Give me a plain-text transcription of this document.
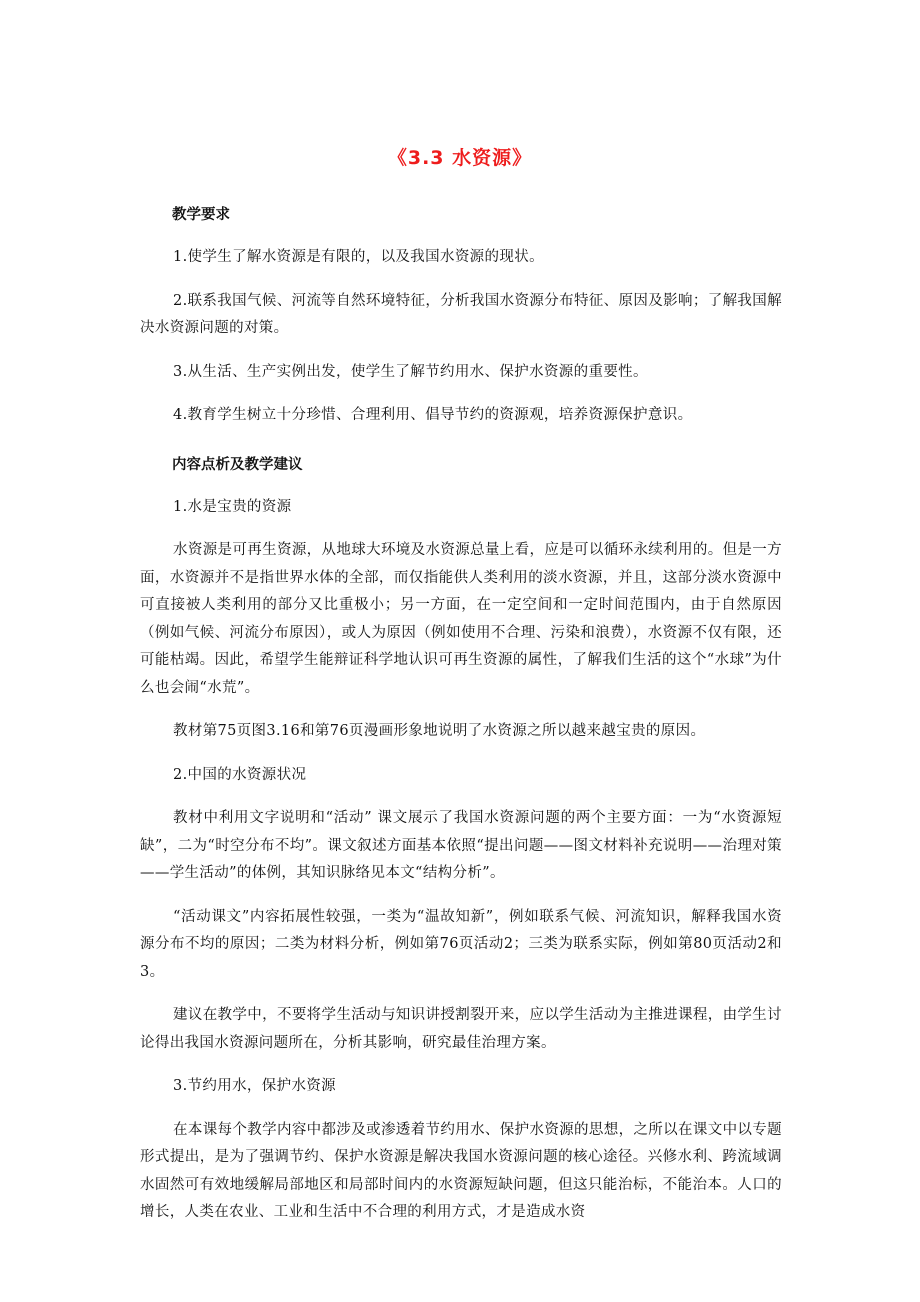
《3.3 水资源》
教学要求

1.使学生了解水资源是有限的，以及我国水资源的现状。

2.联系我国气候、河流等自然环境特征，分析我国水资源分布特征、原因及影响；了解我国解决水资源问题的对策。

3.从生活、生产实例出发，使学生了解节约用水、保护水资源的重要性。

4.教育学生树立十分珍惜、合理利用、倡导节约的资源观，培养资源保护意识。

内容点析及教学建议

1.水是宝贵的资源

水资源是可再生资源，从地球大环境及水资源总量上看，应是可以循环永续利用的。但是一方面，水资源并不是指世界水体的全部，而仅指能供人类利用的淡水资源，并且，这部分淡水资源中可直接被人类利用的部分又比重极小；另一方面，在一定空间和一定时间范围内，由于自然原因（例如气候、河流分布原因），或人为原因（例如使用不合理、污染和浪费），水资源不仅有限，还可能枯竭。因此，希望学生能辩证科学地认识可再生资源的属性，了解我们生活的这个“水球”为什么也会闹“水荒”。

教材第75页图3.16和第76页漫画形象地说明了水资源之所以越来越宝贵的原因。

2.中国的水资源状况

教材中利用文字说明和“活动” 课文展示了我国水资源问题的两个主要方面：一为“水资源短缺”，二为“时空分布不均”。课文叙述方面基本依照“提出问题——图文材料补充说明——治理对策——学生活动”的体例，其知识脉络见本文“结构分析”。

“活动课文”内容拓展性较强，一类为“温故知新”，例如联系气候、河流知识，解释我国水资源分布不均的原因；二类为材料分析，例如第76页活动2；三类为联系实际，例如第80页活动2和3。

建议在教学中，不要将学生活动与知识讲授割裂开来，应以学生活动为主推进课程，由学生讨论得出我国水资源问题所在，分析其影响，研究最佳治理方案。

3.节约用水，保护水资源

在本课每个教学内容中都涉及或渗透着节约用水、保护水资源的思想，之所以在课文中以专题形式提出，是为了强调节约、保护水资源是解决我国水资源问题的核心途径。兴修水利、跨流域调水固然可有效地缓解局部地区和局部时间内的水资源短缺问题，但这只能治标，不能治本。人口的增长，人类在农业、工业和生活中不合理的利用方式，才是造成水资
